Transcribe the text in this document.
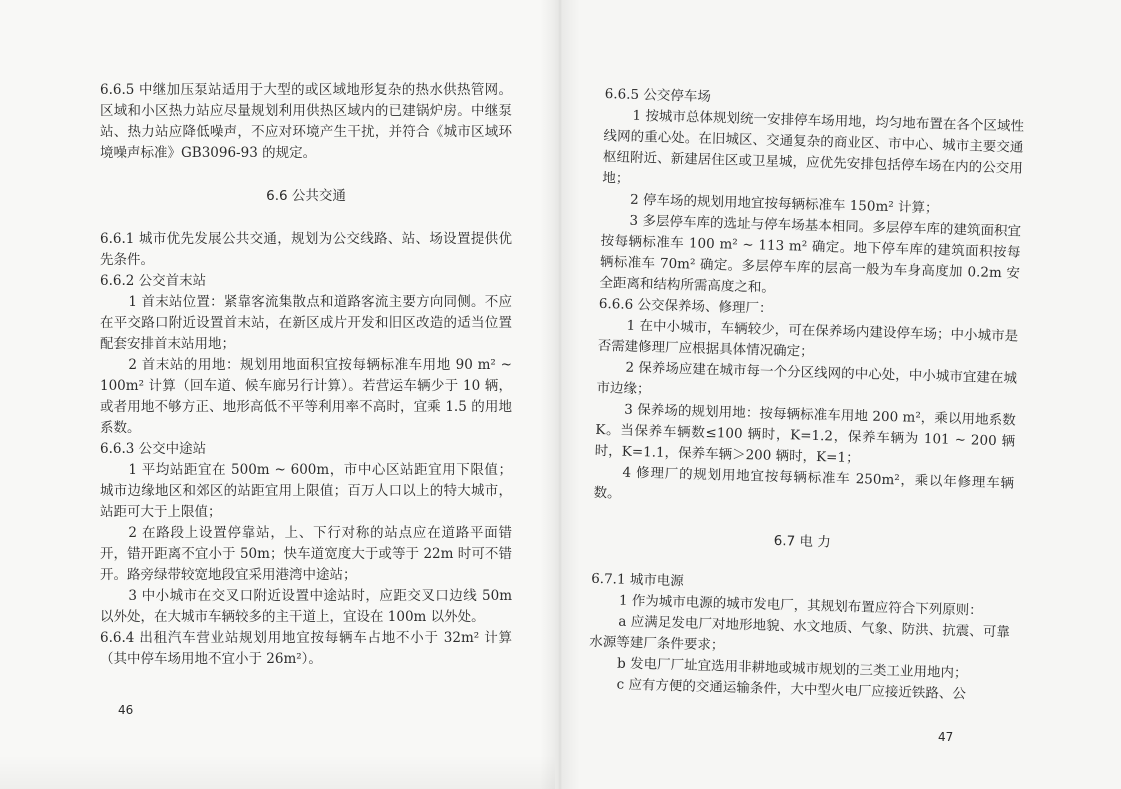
6.6.5 中继加压泵站适用于大型的或区域地形复杂的热水供热管网。区域和小区热力站应尽量规划利用供热区域内的已建锅炉房。中继泵站、热力站应降低噪声，不应对环境产生干扰，并符合《城市区域环境噪声标准》GB3096-93 的规定。

6.6 公共交通

6.6.1 城市优先发展公共交通，规划为公交线路、站、场设置提供优先条件。

6.6.2 公交首末站

1 首末站位置：紧靠客流集散点和道路客流主要方向同侧。不应在平交路口附近设置首末站，在新区成片开发和旧区改造的适当位置配套安排首末站用地；

2 首末站的用地：规划用地面积宜按每辆标准车用地 90 m² ~ 100m² 计算（回车道、候车廊另行计算）。若营运车辆少于 10 辆，或者用地不够方正、地形高低不平等利用率不高时，宜乘 1.5 的用地系数。

6.6.3 公交中途站

1 平均站距宜在 500m ~ 600m，市中心区站距宜用下限值；城市边缘地区和郊区的站距宜用上限值；百万人口以上的特大城市，站距可大于上限值；

2 在路段上设置停靠站，上、下行对称的站点应在道路平面错开，错开距离不宜小于 50m；快车道宽度大于或等于 22m 时可不错开。路旁绿带较宽地段宜采用港湾中途站；

3 中小城市在交叉口附近设置中途站时，应距交叉口边线 50m 以外处，在大城市车辆较多的主干道上，宜设在 100m 以外处。

6.6.4 出租汽车营业站规划用地宜按每辆车占地不小于 32m² 计算（其中停车场用地不宜小于 26m²）。

46

6.6.5 公交停车场

1 按城市总体规划统一安排停车场用地，均匀地布置在各个区域性线网的重心处。在旧城区、交通复杂的商业区、市中心、城市主要交通枢纽附近、新建居住区或卫星城，应优先安排包括停车场在内的公交用地；

2 停车场的规划用地宜按每辆标准车 150m² 计算；

3 多层停车库的选址与停车场基本相同。多层停车库的建筑面积宜按每辆标准车 100 m² ~ 113 m² 确定。地下停车库的建筑面积按每辆标准车 70m² 确定。多层停车库的层高一般为车身高度加 0.2m 安全距离和结构所需高度之和。

6.6.6 公交保养场、修理厂：

1 在中小城市，车辆较少，可在保养场内建设停车场；中小城市是否需建修理厂应根据具体情况确定；

2 保养场应建在城市每一个分区线网的中心处，中小城市宜建在城市边缘；

3 保养场的规划用地：按每辆标准车用地 200 m²，乘以用地系数 K。当保养车辆数≤100 辆时，K=1.2，保养车辆为 101 ~ 200 辆时，K=1.1，保养车辆＞200 辆时，K=1；

4 修理厂的规划用地宜按每辆标准车 250m²，乘以年修理车辆数。

6.7 电 力

6.7.1 城市电源

1 作为城市电源的城市发电厂，其规划布置应符合下列原则：

a 应满足发电厂对地形地貌、水文地质、气象、防洪、抗震、可靠水源等建厂条件要求；

b 发电厂厂址宜选用非耕地或城市规划的三类工业用地内；

c 应有方便的交通运输条件，大中型火电厂应接近铁路、公

47
